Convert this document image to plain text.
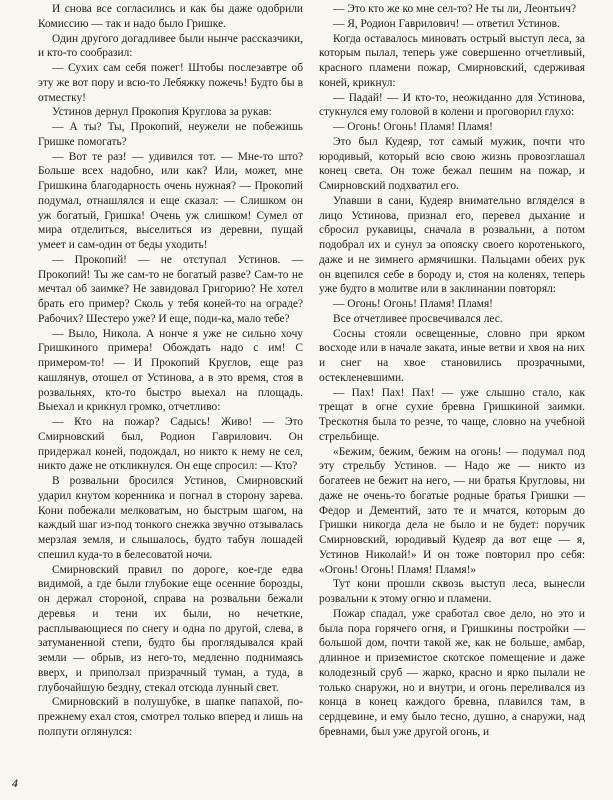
И снова все согласились и как бы даже одобрили Комиссию — так и надо было Гришке.

Один другого догадливее были нынче рассказчики, и кто-то сообразил:

— Сухих сам себя пожег! Штобы послезавтре об эту же вот пору и всю-то Лебяжку пожечь! Будто бы в отместку!

Устинов дернул Прокопия Круглова за рукав:

— А ты? Ты, Прокопий, неужели не побежишь Гришке помогать?

— Вот те раз! — удивился тот. — Мне-то што? Больше всех надобно, или как? Или, может, мне Гришкина благодарность очень нужная? — Прокопий подумал, отнашлялся и еще сказал: — Слишком он уж богатый, Гришка! Очень уж слишком! Сумел от мира отделиться, выселиться из деревни, пущай умеет и сам-один от беды уходить!

— Прокопий! — не отступал Устинов. — Прокопий! Ты же сам-то не богатый разве? Сам-то не мечтал об заимке? Не завидовал Григорию? Не хотел брать его пример? Сколь у тебя коней-то на ограде? Рабочих? Шестеро уже? И еще, поди-ка, мало тебе?

— Выло, Никола. А нонче я уже не сильно хочу Гришкиного примера! Обождать надо с им! С примером-то! — И Прокопий Круглов, еще раз кашлянув, отошел от Устинова, а в это время, стоя в розвальнях, кто-то быстро выехал на площадь. Выехал и крикнул громко, отчетливо:

— Кто на пожар? Садысь! Живо! — Это Смирновский был, Родион Гаврилович. Он придержал коней, подождал, но никто к нему не сел, никто даже не откликнулся. Он еще спросил: — Кто?

В розвальни бросился Устинов, Смирновский ударил кнутом коренника и погнал в сторону зарева. Кони побежали мелковатым, но быстрым шагом, на каждый шаг из-под тонкого снежка звучно отзывалась мерзлая земля, и слышалось, будто табун лошадей спешил куда-то в белесоватой ночи.

Смирновский правил по дороге, кое-где едва видимой, а где были глубокие еще осенние борозды, он держал стороной, справа на розвальни бежали деревья и тени их были, но нечеткие, расплывающиеся по снегу и одна по другой, слева, в затуманенной степи, будто бы проглядывался край земли — обрыв, из него-то, медленно поднимаясь вверх, и приползал призрачный туман, а туда, в глубочайшую бездну, стекал отсюда лунный свет.

Смирновский в полушубке, в шапке папахой, по-прежнему ехал стоя, смотрел только вперед и лишь на полпути оглянулся:

— Это кто же ко мне сел-то? Не ты ли, Леонтьич?

— Я, Родион Гаврилович! — ответил Устинов.

Когда оставалось миновать острый выступ леса, за которым пылал, теперь уже совершенно отчетливый, красного пламени пожар, Смирновский, сдерживая коней, крикнул:

— Падай! — И кто-то, неожиданно для Устинова, стукнулся ему головой в колени и проговорил глухо:

— Огонь! Огонь! Пламя! Пламя!

Это был Кудеяр, тот самый мужик, почти что юродивый, который всю свою жизнь провозглашал конец света. Он тоже бежал пешим на пожар, и Смирновский подхватил его.

Упавши в сани, Кудеяр внимательно вгляделся в лицо Устинова, признал его, перевел дыхание и сбросил рукавицы, сначала в розвальни, а потом подобрал их и сунул за опояску своего коротенького, даже и не зимнего армячишки. Пальцами обеих рук он вцепился себе в бороду и, стоя на коленях, теперь уже будто в молитве или в заклинании повторял:

— Огонь! Огонь! Пламя! Пламя!

Все отчетливее просвечивался лес.

Сосны стояли освещенные, словно при ярком восходе или в начале заката, иные ветви и хвоя на них и снег на хвое становились прозрачными, остекленевшими.

— Пах! Пах! Пах! — уже слышно стало, как трещат в огне сухие бревна Гришкиной заимки. Трескотня была то резче, то чаще, словно на учебной стрельбище.

«Бежим, бежим, бежим на огонь! — подумал под эту стрельбу Устинов. — Надо же — никто из богатеев не бежит на него, — ни братья Кругловы, ни даже не очень-то богатые родные братья Гришки — Федор и Дементий, зато те и мчатся, которым до Гришки никогда дела не было и не будет: поручик Смирновский, юродивый Кудеяр да вот еще — я, Устинов Николай!» И он тоже повторил про себя: «Огонь! Огонь! Пламя! Пламя!»

Тут кони прошли сквозь выступ леса, вынесли розвальни к этому огню и пламени.

Пожар спадал, уже сработал свое дело, но это и была пора горячего огня, и Гришкины постройки — большой дом, почти такой же, как не больше, амбар, длинное и приземистое скотское помещение и даже колодезный сруб — жарко, красно и ярко пылали не только снаружи, но и внутри, и огонь переливался из конца в конец каждого бревна, плавился там, в сердцевине, и ему было тесно, душно, а снаружи, над бревнами, был уже другой огонь, и

4
